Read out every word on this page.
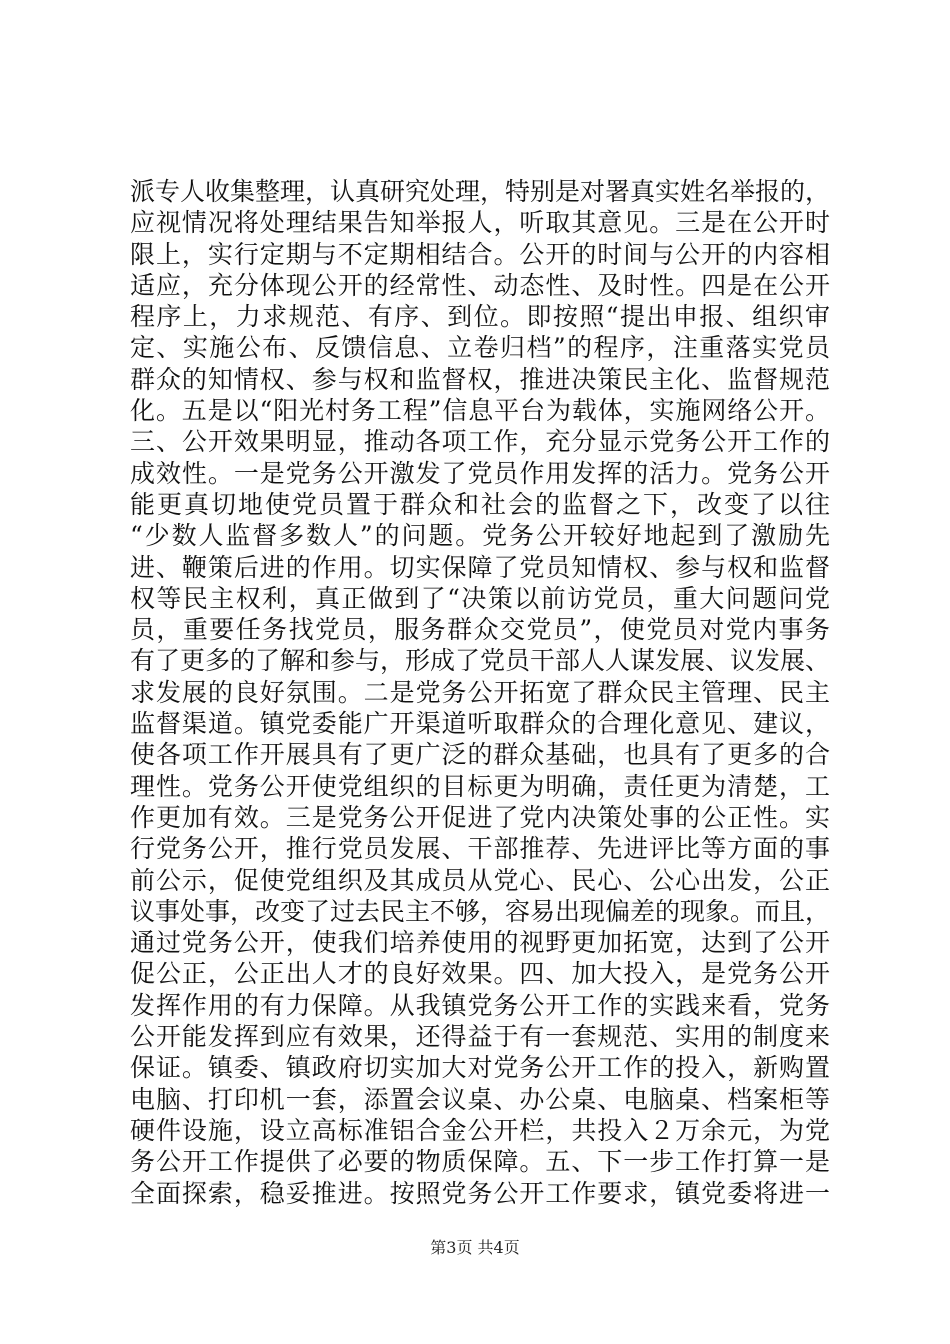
派专人收集整理，认真研究处理，特别是对署真实姓名举报的，
应视情况将处理结果告知举报人，听取其意见。三是在公开时
限上，实行定期与不定期相结合。公开的时间与公开的内容相
适应，充分体现公开的经常性、动态性、及时性。四是在公开
程序上，力求规范、有序、到位。即按照“提出申报、组织审
定、实施公布、反馈信息、立卷归档”的程序，注重落实党员
群众的知情权、参与权和监督权，推进决策民主化、监督规范
化。五是以“阳光村务工程”信息平台为载体，实施网络公开。
三、公开效果明显，推动各项工作，充分显示党务公开工作的
成效性。一是党务公开激发了党员作用发挥的活力。党务公开
能更真切地使党员置于群众和社会的监督之下，改变了以往
“少数人监督多数人”的问题。党务公开较好地起到了激励先
进、鞭策后进的作用。切实保障了党员知情权、参与权和监督
权等民主权利，真正做到了“决策以前访党员，重大问题问党
员，重要任务找党员，服务群众交党员”，使党员对党内事务
有了更多的了解和参与，形成了党员干部人人谋发展、议发展、
求发展的良好氛围。二是党务公开拓宽了群众民主管理、民主
监督渠道。镇党委能广开渠道听取群众的合理化意见、建议，
使各项工作开展具有了更广泛的群众基础，也具有了更多的合
理性。党务公开使党组织的目标更为明确，责任更为清楚，工
作更加有效。三是党务公开促进了党内决策处事的公正性。实
行党务公开，推行党员发展、干部推荐、先进评比等方面的事
前公示，促使党组织及其成员从党心、民心、公心出发，公正
议事处事，改变了过去民主不够，容易出现偏差的现象。而且，
通过党务公开，使我们培养使用的视野更加拓宽，达到了公开
促公正，公正出人才的良好效果。四、加大投入，是党务公开
发挥作用的有力保障。从我镇党务公开工作的实践来看，党务
公开能发挥到应有效果，还得益于有一套规范、实用的制度来
保证。镇委、镇政府切实加大对党务公开工作的投入，新购置
电脑、打印机一套，添置会议桌、办公桌、电脑桌、档案柜等
硬件设施，设立高标准铝合金公开栏，共投入２万余元，为党
务公开工作提供了必要的物质保障。五、下一步工作打算一是
全面探索，稳妥推进。按照党务公开工作要求，镇党委将进一
第3页 共4页
